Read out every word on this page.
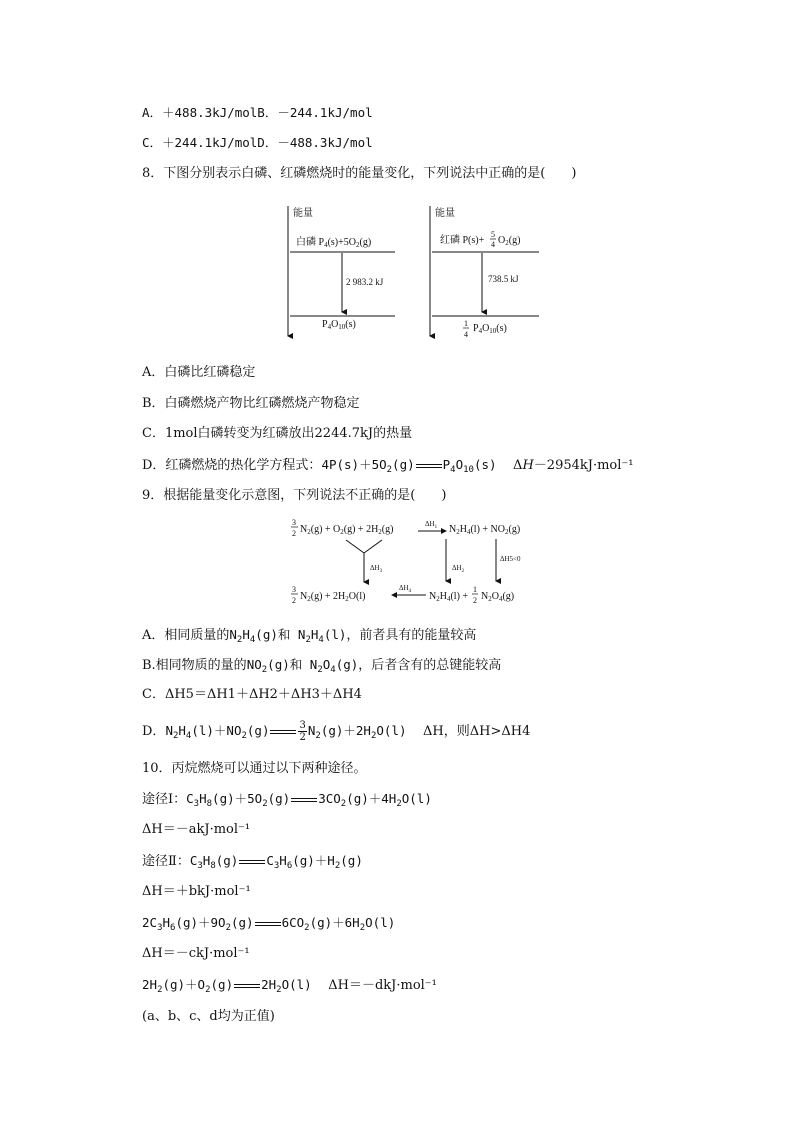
A．＋488.3kJ/molB．－244.1kJ/mol
C．＋244.1kJ/molD．－488.3kJ/mol
8．下图分别表示白磷、红磷燃烧时的能量变化，下列说法中正确的是(　　)
能量
白磷 $P_4(s)+5O_2(g)$
2 983.2 kJ
$P_4O_{10}(s)$
能量
红磷 P(s)+
5
4 $O_2(g)$
738.5 kJ
1
4
$P_4O_{10}(s)$
A．白磷比红磷稳定
B．白磷燃烧产物比红磷燃烧产物稳定
C．1mol白磷转变为红磷放出2244.7kJ的热量
D．红磷燃烧的热化学方程式：$4P(s)+5O_2(g)$ $P_4O_{10}(s)$    ΔH－2954kJ·mol⁻¹
9．根据能量变化示意图，下列说法不正确的是(　　)
3
2 $N_2(g) + O_2(g) + 2H_2(g)$	$\Delta H_1$ $N_2H_4(l) + NO_2(g)$
$\Delta H_3$	$\Delta H_2$
ΔH5<0
3
2 $N_2(g) + 2H_2O(l)$
$\Delta H_4$ $N_2H_4(l)$ +
1
2 $N_2O_4(g)$
A．相同质量的$N_2H_4(g)$和 $N_2H_4(l)$，前者具有的能量较高
B.相同物质的量的$NO_2(g)$和 $N_2O_4(g)$，后者含有的总键能较高
C．ΔH5＝ΔH1＋ΔH2＋ΔH3＋ΔH4
D．$N_2H_4(l)+NO_2(g)$	$\frac{3}{2} N_2(g)+2H_2O(l)$ ΔH，则ΔH>ΔH4
10．丙烷燃烧可以通过以下两种途径。
途径Ⅰ：$C_3H_8(g)+5O_2(g)$ $3CO_2(g)+4H_2O(l)$
ΔH＝－akJ·mol⁻¹
途径Ⅱ：$C_3H_8(g)$ $C_3H_6(g)+H_2(g)$
ΔH＝＋bkJ·mol⁻¹
$2C_3H_6(g)+9O_2(g)$ $6CO_2(g)+6H_2O(l)$
ΔH＝－ckJ·mol⁻¹
$2H_2(g)+O_2(g)$ $2H_2O(l)$ ΔH＝－dkJ·mol⁻¹
(a、b、c、d均为正值)
